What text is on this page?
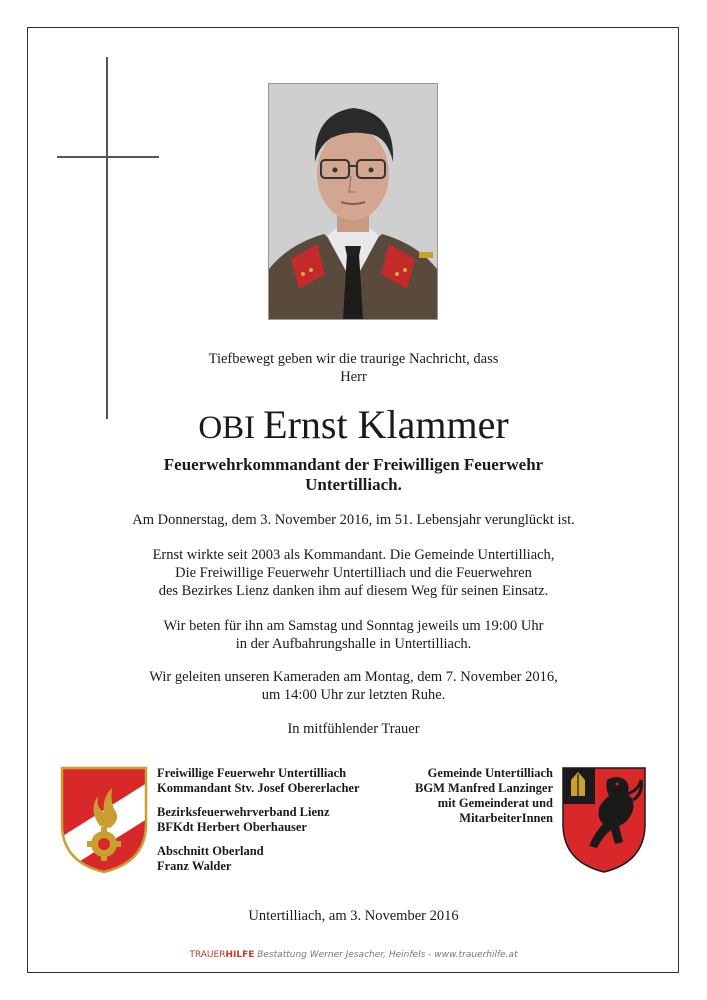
Tiefbewegt geben wir die traurige Nachricht, dass
Herr
OBI Ernst Klammer
Feuerwehrkommandant der Freiwilligen Feuerwehr
Untertilliach.
Am Donnerstag, dem 3. November 2016, im 51. Lebensjahr verunglückt ist.
Ernst wirkte seit 2003 als Kommandant. Die Gemeinde Untertilliach,
Die Freiwillige Feuerwehr Untertilliach und die Feuerwehren
des Bezirkes Lienz danken ihm auf diesem Weg für seinen Einsatz.
Wir beten für ihn am Samstag und Sonntag jeweils um 19:00 Uhr
in der Aufbahrungshalle in Untertilliach.
Wir geleiten unseren Kameraden am Montag, dem 7. November 2016,
um 14:00 Uhr zur letzten Ruhe.
In mitfühlender Trauer
Freiwillige Feuerwehr Untertilliach
Kommandant Stv. Josef Obererlacher
Bezirksfeuerwehrverband Lienz
BFKdt Herbert Oberhauser
Abschnitt Oberland
Franz Walder
Gemeinde Untertilliach
BGM Manfred Lanzinger
mit Gemeinderat und
MitarbeiterInnen
Untertilliach, am 3. November 2016
TRAUERHILFE Bestattung Werner Jesacher, Heinfels - www.trauerhilfe.at
